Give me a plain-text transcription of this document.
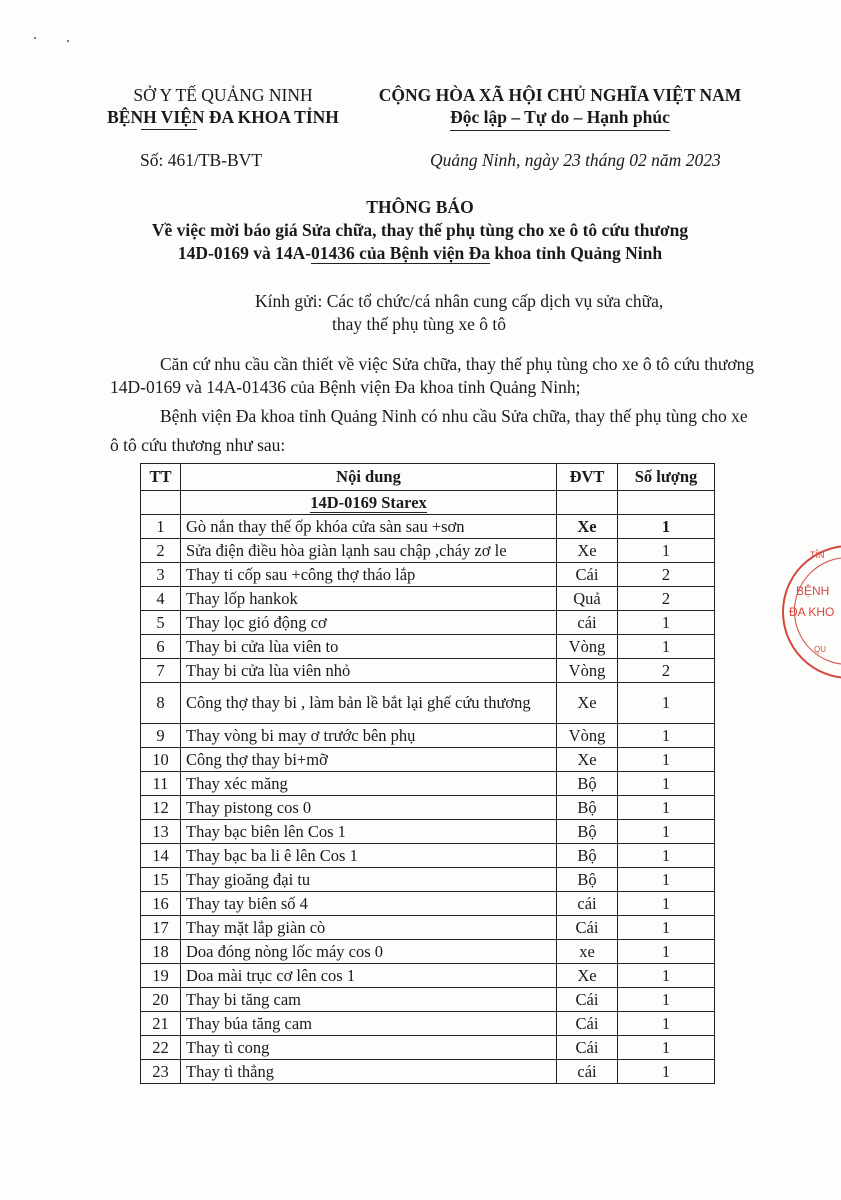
SỞ Y TẾ QUẢNG NINH
BỆNH VIỆN ĐA KHOA TỈNH
CỘNG HÒA XÃ HỘI CHỦ NGHĨA VIỆT NAM
Độc lập – Tự do – Hạnh phúc
Số: 461/TB-BVT	Quảng Ninh, ngày 23 tháng 02 năm 2023
THÔNG BÁO
Về việc mời báo giá Sửa chữa, thay thế phụ tùng cho xe ô tô cứu thương
14D-0169 và 14A-01436 của Bệnh viện Đa khoa tỉnh Quảng Ninh
Kính gửi: Các tổ chức/cá nhân cung cấp dịch vụ sửa chữa,
thay thế phụ tùng xe ô tô
Căn cứ nhu cầu cần thiết về việc Sửa chữa, thay thế phụ tùng cho xe ô tô cứu thương 14D-0169 và 14A-01436 của Bệnh viện Đa khoa tỉnh Quảng Ninh;
Bệnh viện Đa khoa tỉnh Quảng Ninh có nhu cầu Sửa chữa, thay thế phụ tùng cho xe ô tô cứu thương như sau:
TT	Nội dung	ĐVT	Số lượng
	14D-0169 Starex		
1	Gò nắn thay thế ốp khóa cửa sàn sau +sơn	Xe	1
2	Sửa điện điều hòa giàn lạnh sau chập ,cháy zơ le	Xe	1
3	Thay ti cốp sau +công thợ tháo lắp	Cái	2
4	Thay lốp hankok	Quả	2
5	Thay lọc gió động cơ	cái	1
6	Thay bi cửa lùa viên to	Vòng	1
7	Thay bi cửa lùa viên nhỏ	Vòng	2
8	Công thợ thay bi , làm bản lề bắt lại ghế cứu thương	Xe	1
9	Thay vòng bi may ơ trước bên phụ	Vòng	1
10	Công thợ thay bi+mỡ	Xe	1
11	Thay xéc măng	Bộ	1
12	Thay pistong cos 0	Bộ	1
13	Thay bạc biên lên Cos 1	Bộ	1
14	Thay bạc ba li ê lên Cos 1	Bộ	1
15	Thay gioăng đại tu	Bộ	1
16	Thay tay biên số 4	cái	1
17	Thay mặt lắp giàn cò	Cái	1
18	Doa đóng nòng lốc máy cos 0	xe	1
19	Doa mài trục cơ lên cos 1	Xe	1
20	Thay bi tăng cam	Cái	1
21	Thay búa tăng cam	Cái	1
22	Thay tì cong	Cái	1
23	Thay tì thẳng	cái	1
TỈN
BỆNH
ĐA KHO
QU
